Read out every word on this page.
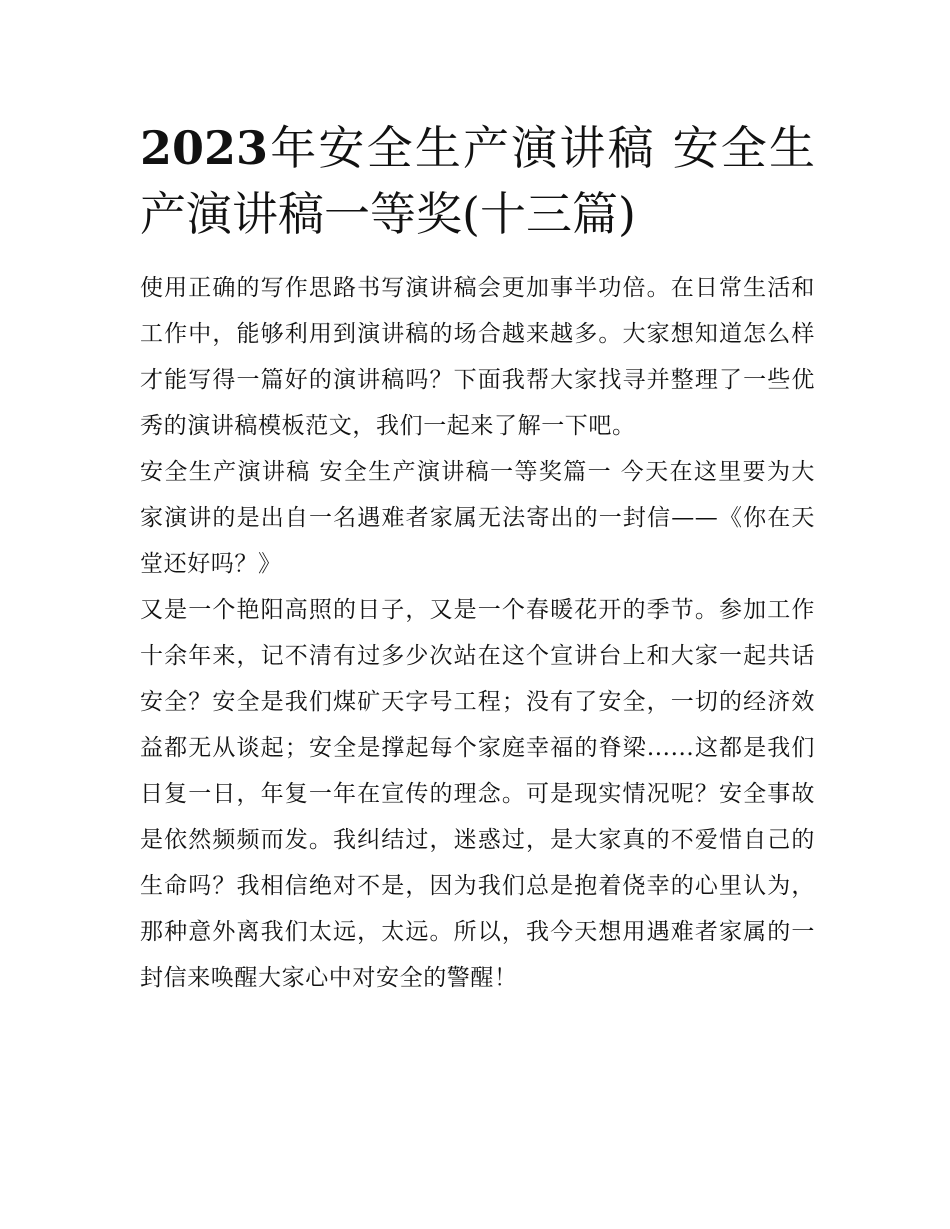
2023年安全生产演讲稿 安全生产演讲稿一等奖(十三篇)

使用正确的写作思路书写演讲稿会更加事半功倍。在日常生活和工作中，能够利用到演讲稿的场合越来越多。大家想知道怎么样才能写得一篇好的演讲稿吗？下面我帮大家找寻并整理了一些优秀的演讲稿模板范文，我们一起来了解一下吧。

安全生产演讲稿 安全生产演讲稿一等奖篇一 今天在这里要为大家演讲的是出自一名遇难者家属无法寄出的一封信——《你在天堂还好吗？》

又是一个艳阳高照的日子，又是一个春暖花开的季节。参加工作十余年来，记不清有过多少次站在这个宣讲台上和大家一起共话安全？安全是我们煤矿天字号工程；没有了安全，一切的经济效益都无从谈起；安全是撑起每个家庭幸福的脊梁......这都是我们日复一日，年复一年在宣传的理念。可是现实情况呢？安全事故是依然频频而发。我纠结过，迷惑过，是大家真的不爱惜自己的生命吗？我相信绝对不是，因为我们总是抱着侥幸的心里认为，那种意外离我们太远，太远。所以，我今天想用遇难者家属的一封信来唤醒大家心中对安全的警醒！
